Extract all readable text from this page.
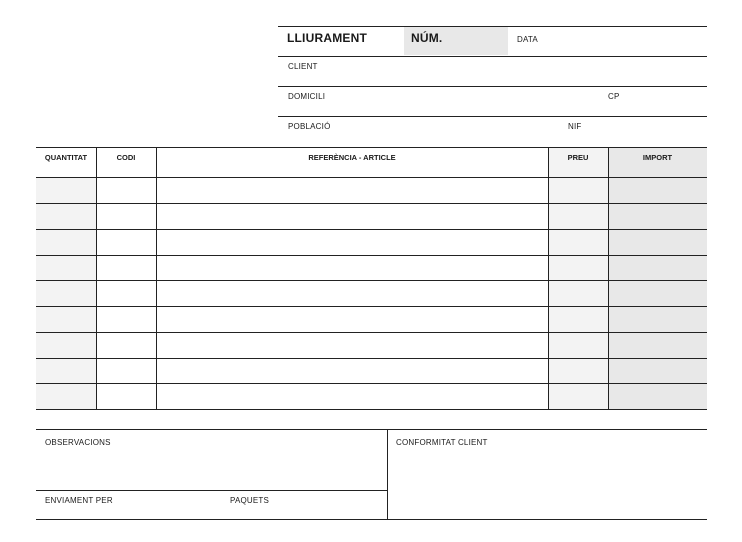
LLIURAMENT	NÚM.	DATA
CLIENT
DOMICILI	CP
POBLACIÓ	NIF
QUANTITAT	CODI	REFERÈNCIA - ARTICLE	PREU	IMPORT
OBSERVACIONS	CONFORMITAT CLIENT
ENVIAMENT PER	PAQUETS
